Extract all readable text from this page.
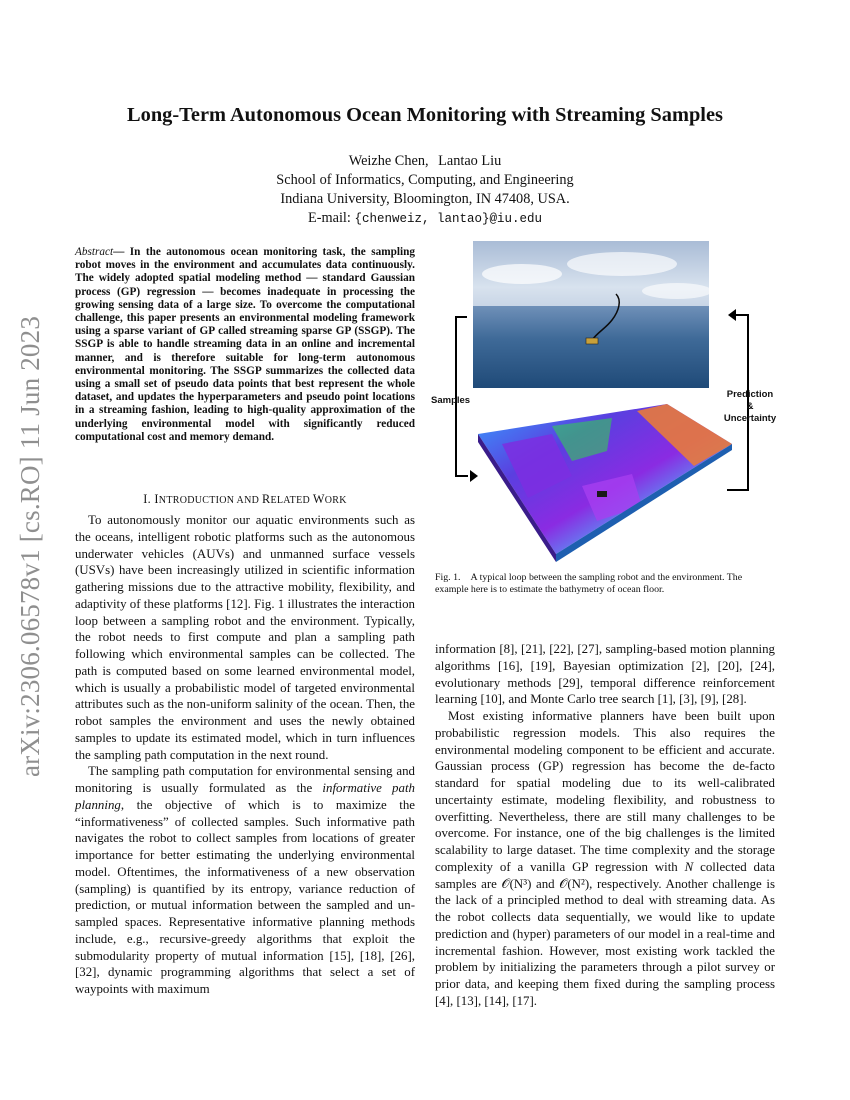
arXiv:2306.06578v1 [cs.RO] 11 Jun 2023
Long-Term Autonomous Ocean Monitoring with Streaming Samples
Weizhe Chen, Lantao Liu
School of Informatics, Computing, and Engineering
Indiana University, Bloomington, IN 47408, USA.
E-mail: {chenweiz, lantao}@iu.edu

Abstract— In the autonomous ocean monitoring task, the sampling robot moves in the environment and accumulates data continuously. The widely adopted spatial modeling method — standard Gaussian process (GP) regression — becomes inadequate in processing the growing sensing data of a large size. To overcome the computational challenge, this paper presents an environmental modeling framework using a sparse variant of GP called streaming sparse GP (SSGP). The SSGP is able to handle streaming data in an online and incremental manner, and is therefore suitable for long-term autonomous environmental monitoring. The SSGP summarizes the collected data using a small set of pseudo data points that best represent the whole dataset, and updates the hyperparameters and pseudo point locations in a streaming fashion, leading to high-quality approximation of the underlying environmental model with significantly reduced computational cost and memory demand.

I. INTRODUCTION AND RELATED WORK

To autonomously monitor our aquatic environments such as the oceans, intelligent robotic platforms such as the autonomous underwater vehicles (AUVs) and unmanned surface vessels (USVs) have been increasingly utilized in scientific information gathering missions due to the attractive mobility, flexibility, and adaptivity of these platforms [12]. Fig. 1 illustrates the interaction loop between a sampling robot and the environment. Typically, the robot needs to first compute and plan a sampling path following which environmental samples can be collected. The path is computed based on some learned environmental model, which is usually a probabilistic model of targeted environmental attributes such as the non-uniform salinity of the ocean. Then, the robot samples the environment and uses the newly obtained samples to update its estimated model, which in turn influences the sampling path computation in the next round.

The sampling path computation for environmental sensing and monitoring is usually formulated as the informative path planning, the objective of which is to maximize the “informativeness” of collected samples. Such informative path navigates the robot to collect samples from locations of greater importance for better estimating the underlying environmental model. Oftentimes, the informativeness of a new observation (sampling) is quantified by its entropy, variance reduction of prediction, or mutual information between the sampled and un-sampled spaces. Representative informative planning methods include, e.g., recursive-greedy algorithms that exploit the submodularity property of mutual information [15], [18], [26], [32], dynamic programming algorithms that select a set of waypoints with maximum

Samples
Prediction
&
Uncertainty
Fig. 1. A typical loop between the sampling robot and the environment. The example here is to estimate the bathymetry of ocean floor.

information [8], [21], [22], [27], sampling-based motion planning algorithms [16], [19], Bayesian optimization [2], [20], [24], evolutionary methods [29], temporal difference reinforcement learning [10], and Monte Carlo tree search [1], [3], [9], [28].

Most existing informative planners have been built upon probabilistic regression models. This also requires the environmental modeling component to be efficient and accurate. Gaussian process (GP) regression has become the de-facto standard for spatial modeling due to its well-calibrated uncertainty estimate, modeling flexibility, and robustness to overfitting. Nevertheless, there are still many challenges to be overcome. For instance, one of the big challenges is the limited scalability to large dataset. The time complexity and the storage complexity of a vanilla GP regression with N collected data samples are 𝒪(N³) and 𝒪(N²), respectively. Another challenge is the lack of a principled method to deal with streaming data. As the robot collects data sequentially, we would like to update prediction and (hyper) parameters of our model in a real-time and incremental fashion. However, most existing work tackled the problem by initializing the parameters through a pilot survey or prior data, and keeping them fixed during the sampling process [4], [13], [14], [17].
